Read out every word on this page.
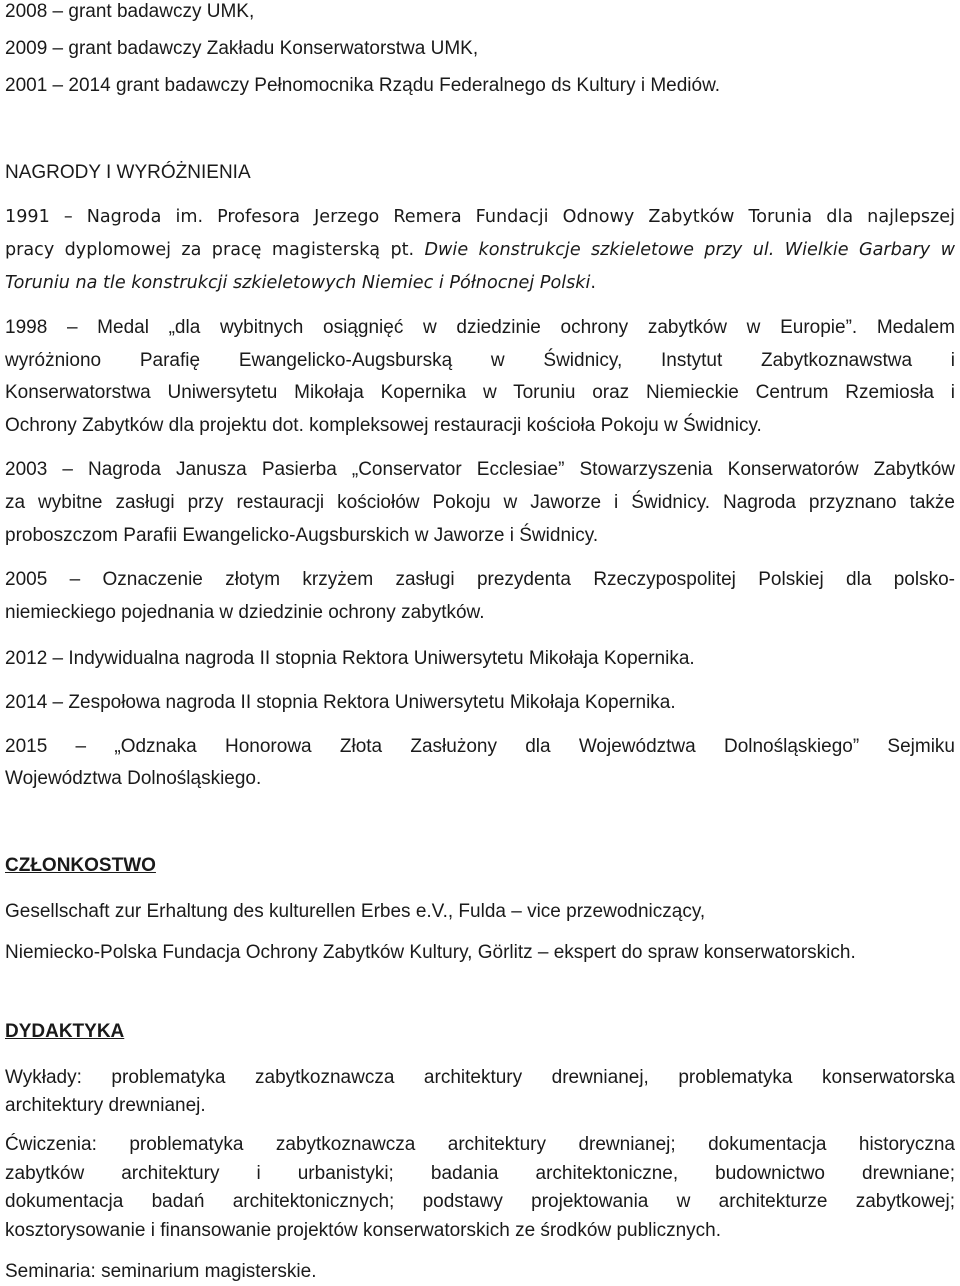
2008 – grant badawczy UMK,

2009 – grant badawczy Zakładu Konserwatorstwa UMK,

2001 – 2014 grant badawczy Pełnomocnika Rządu Federalnego ds Kultury i Mediów.

NAGRODY I WYRÓŻNIENIA

1991 – Nagroda im. Profesora Jerzego Remera Fundacji Odnowy Zabytków Torunia dla najlepszej

pracy dyplomowej za pracę magisterską pt. Dwie konstrukcje szkieletowe przy ul. Wielkie Garbary w

Toruniu na tle konstrukcji szkieletowych Niemiec i Północnej Polski.

1998 – Medal „dla wybitnych osiągnięć w dziedzinie ochrony zabytków w Europie”. Medalem

wyróżniono Parafię Ewangelicko-Augsburską w Świdnicy, Instytut Zabytkoznawstwa i

Konserwatorstwa Uniwersytetu Mikołaja Kopernika w Toruniu oraz Niemieckie Centrum Rzemiosła i

Ochrony Zabytków dla projektu dot. kompleksowej restauracji kościoła Pokoju w Świdnicy.

2003 – Nagroda Janusza Pasierba „Conservator Ecclesiae” Stowarzyszenia Konserwatorów Zabytków

za wybitne zasługi przy restauracji kościołów Pokoju w Jaworze i Świdnicy. Nagroda przyznano także

proboszczom Parafii Ewangelicko-Augsburskich w Jaworze i Świdnicy.

2005 – Oznaczenie złotym krzyżem zasługi prezydenta Rzeczypospolitej Polskiej dla polsko-

niemieckiego pojednania w dziedzinie ochrony zabytków.

2012 – Indywidualna nagroda II stopnia Rektora Uniwersytetu Mikołaja Kopernika.

2014 – Zespołowa nagroda II stopnia Rektora Uniwersytetu Mikołaja Kopernika.

2015 – „Odznaka Honorowa Złota Zasłużony dla Województwa Dolnośląskiego” Sejmiku

Województwa Dolnośląskiego.

CZŁONKOSTWO

Gesellschaft zur Erhaltung des kulturellen Erbes e.V., Fulda – vice przewodniczący,

Niemiecko-Polska Fundacja Ochrony Zabytków Kultury, Görlitz – ekspert do spraw konserwatorskich.

DYDAKTYKA

Wykłady: problematyka zabytkoznawcza architektury drewnianej, problematyka konserwatorska

architektury drewnianej.

Ćwiczenia: problematyka zabytkoznawcza architektury drewnianej; dokumentacja historyczna

zabytków architektury i urbanistyki; badania architektoniczne, budownictwo drewniane;

dokumentacja badań architektonicznych; podstawy projektowania w architekturze zabytkowej;

kosztorysowanie i finansowanie projektów konserwatorskich ze środków publicznych.

Seminaria: seminarium magisterskie.
